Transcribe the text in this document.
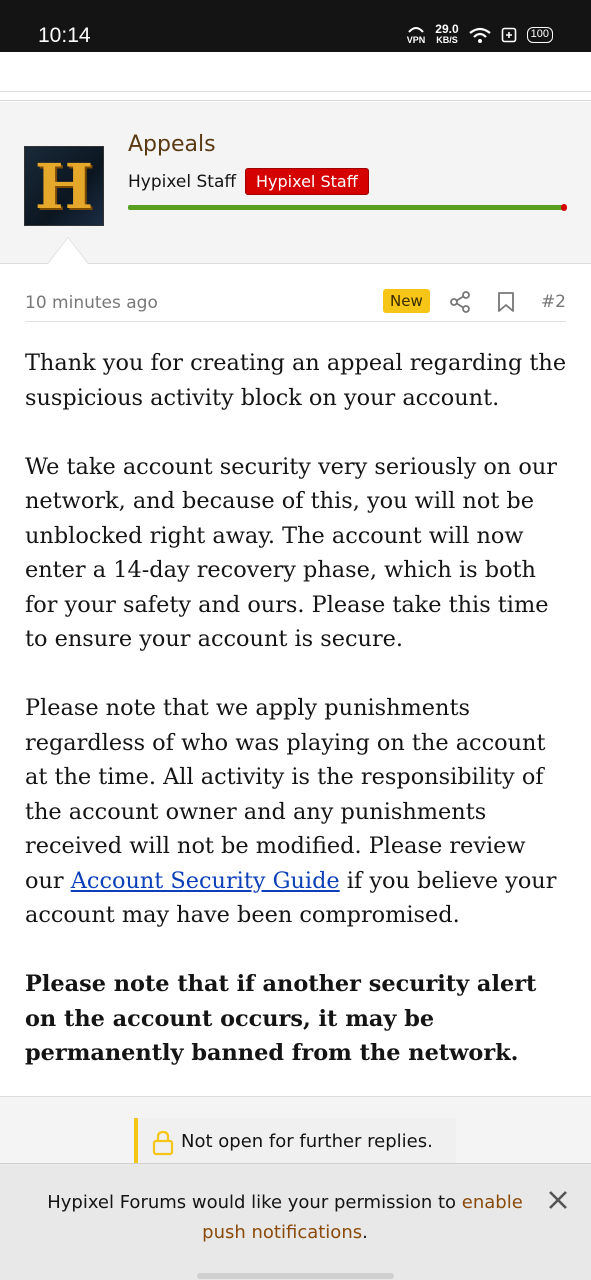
10:14	VPN
29.0
KB/S
100
H
Appeals
Hypixel Staff	Hypixel Staff
10 minutes ago	New	#2

Thank you for creating an appeal regarding the suspicious activity block on your account.

We take account security very seriously on our network, and because of this, you will not be unblocked right away. The account will now enter a 14-day recovery phase, which is both for your safety and ours. Please take this time to ensure your account is secure.

Please note that we apply punishments regardless of who was playing on the account at the time. All activity is the responsibility of the account owner and any punishments received will not be modified. Please review our Account Security Guide if you believe your account may have been compromised.

Please note that if another security alert on the account occurs, it may be permanently banned from the network.

Not open for further replies.
Hypixel Forums would like your permission to enable push notifications.
